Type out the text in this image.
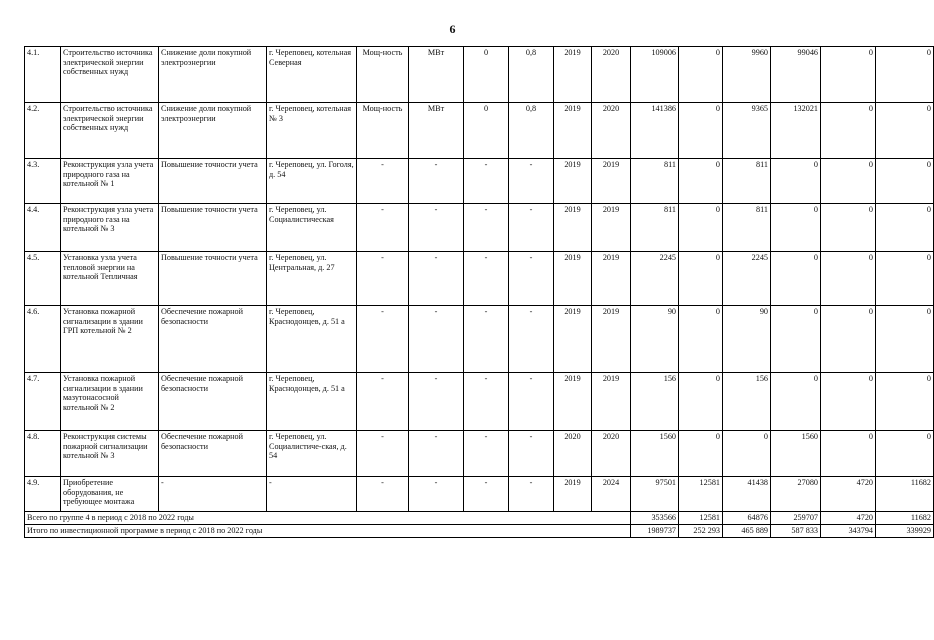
6
4.1.	Строительство источника электрической энергии собственных нужд	Снижение доли покупной электроэнергии	г. Череповец, котельная Северная	Мощ-ность	МВт	0	0,8	2019	2020	109006	0	9960	99046	0	0
4.2.	Строительство источника электрической энергии собственных нужд	Снижение доли покупной электроэнергии	г. Череповец, котельная № 3	Мощ-ность	МВт	0	0,8	2019	2020	141386	0	9365	132021	0	0
4.3.	Реконструкция узла учета природного газа на котельной № 1	Повышение точности учета	г. Череповец, ул. Гоголя, д. 54	-	-	-	-	2019	2019	811	0	811	0	0	0
4.4.	Реконструкция узла учета природного газа на котельной № 3	Повышение точности учета	г. Череповец, ул. Социалистическая	-	-	-	-	2019	2019	811	0	811	0	0	0
4.5.	Установка узла учета тепловой энергии на котельной Тепличная	Повышение точности учета	г. Череповец, ул. Центральная, д. 27	-	-	-	-	2019	2019	2245	0	2245	0	0	0
4.6.	Установка пожарной сигнализации в здании ГРП котельной № 2	Обеспечение пожарной безопасности	г. Череповец, Краснодонцев, д. 51 а	-	-	-	-	2019	2019	90	0	90	0	0	0
4.7.	Установка пожарной сигнализации в здании мазутонасосной котельной № 2	Обеспечение пожарной безопасности	г. Череповец, Краснодонцев, д. 51 а	-	-	-	-	2019	2019	156	0	156	0	0	0
4.8.	Реконструкция системы пожарной сигнализации котельной № 3	Обеспечение пожарной безопасности	г. Череповец, ул. Социалистиче-ская, д. 54	-	-	-	-	2020	2020	1560	0	0	1560	0	0
4.9.	Приобретение оборудования, не требующее монтажа	-	-	-	-	-	-	2019	2024	97501	12581	41438	27080	4720	11682
Всего по группе 4 в период с 2018 по 2022 годы										353566	12581	64876	259707	4720	11682
Итого по инвестиционной программе в период с 2018 по 2022 годы										1989737	252 293	465 889	587 833	343794	339929
